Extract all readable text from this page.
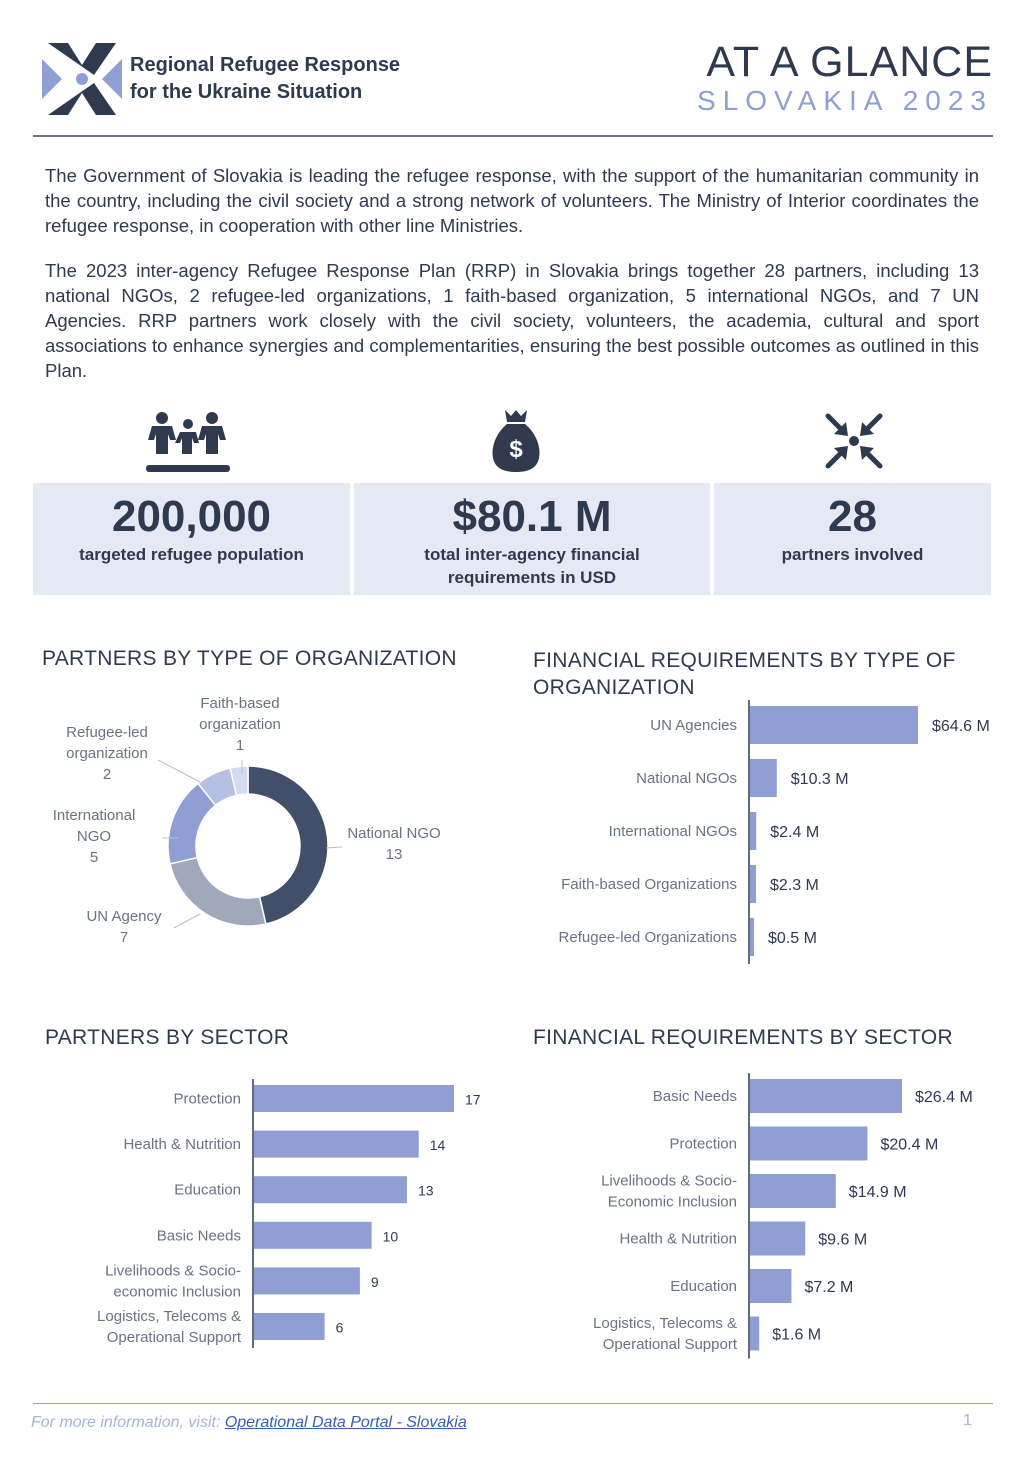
Regional Refugee Response
for the Ukraine Situation
AT A GLANCE
SLOVAKIA 2023

The Government of Slovakia is leading the refugee response, with the support of the humanitarian community in the country, including the civil society and a strong network of volunteers. The Ministry of Interior coordinates the refugee response, in cooperation with other line Ministries.

The 2023 inter-agency Refugee Response Plan (RRP) in Slovakia brings together 28 partners, including 13 national NGOs, 2 refugee-led organizations, 1 faith-based organization, 5 international NGOs, and 7 UN Agencies. RRP partners work closely with the civil society, volunteers, the academia, cultural and sport associations to enhance synergies and complementarities, ensuring the best possible outcomes as outlined in this Plan.

$
200,000
targeted refugee population
$80.1 M
total inter-agency financial
requirements in USD
28
partners involved
PARTNERS BY TYPE OF ORGANIZATION	FINANCIAL REQUIREMENTS BY TYPE OF
ORGANIZATION
PARTNERS BY SECTOR	FINANCIAL REQUIREMENTS BY SECTOR
National NGO
13
UN Agency
7
International
NGO
5
Refugee-led
organization
2
Faith-based
organization
1
$64.6 M
UN Agencies
$10.3 M
National NGOs
$2.4 M
International NGOs
$2.3 M
Faith-based Organizations
$0.5 M
Refugee-led Organizations
17
Protection
14
Health & Nutrition
13
Education
10
Basic Needs
9
Livelihoods & Socio-
economic Inclusion
6
Logistics, Telecoms &
Operational Support
$26.4 M
Basic Needs
$20.4 M
Protection
$14.9 M
Livelihoods & Socio-
Economic Inclusion
$9.6 M
Health & Nutrition
$7.2 M
Education
$1.6 M
Logistics, Telecoms &
Operational Support
For more information, visit: Operational Data Portal - Slovakia	1
